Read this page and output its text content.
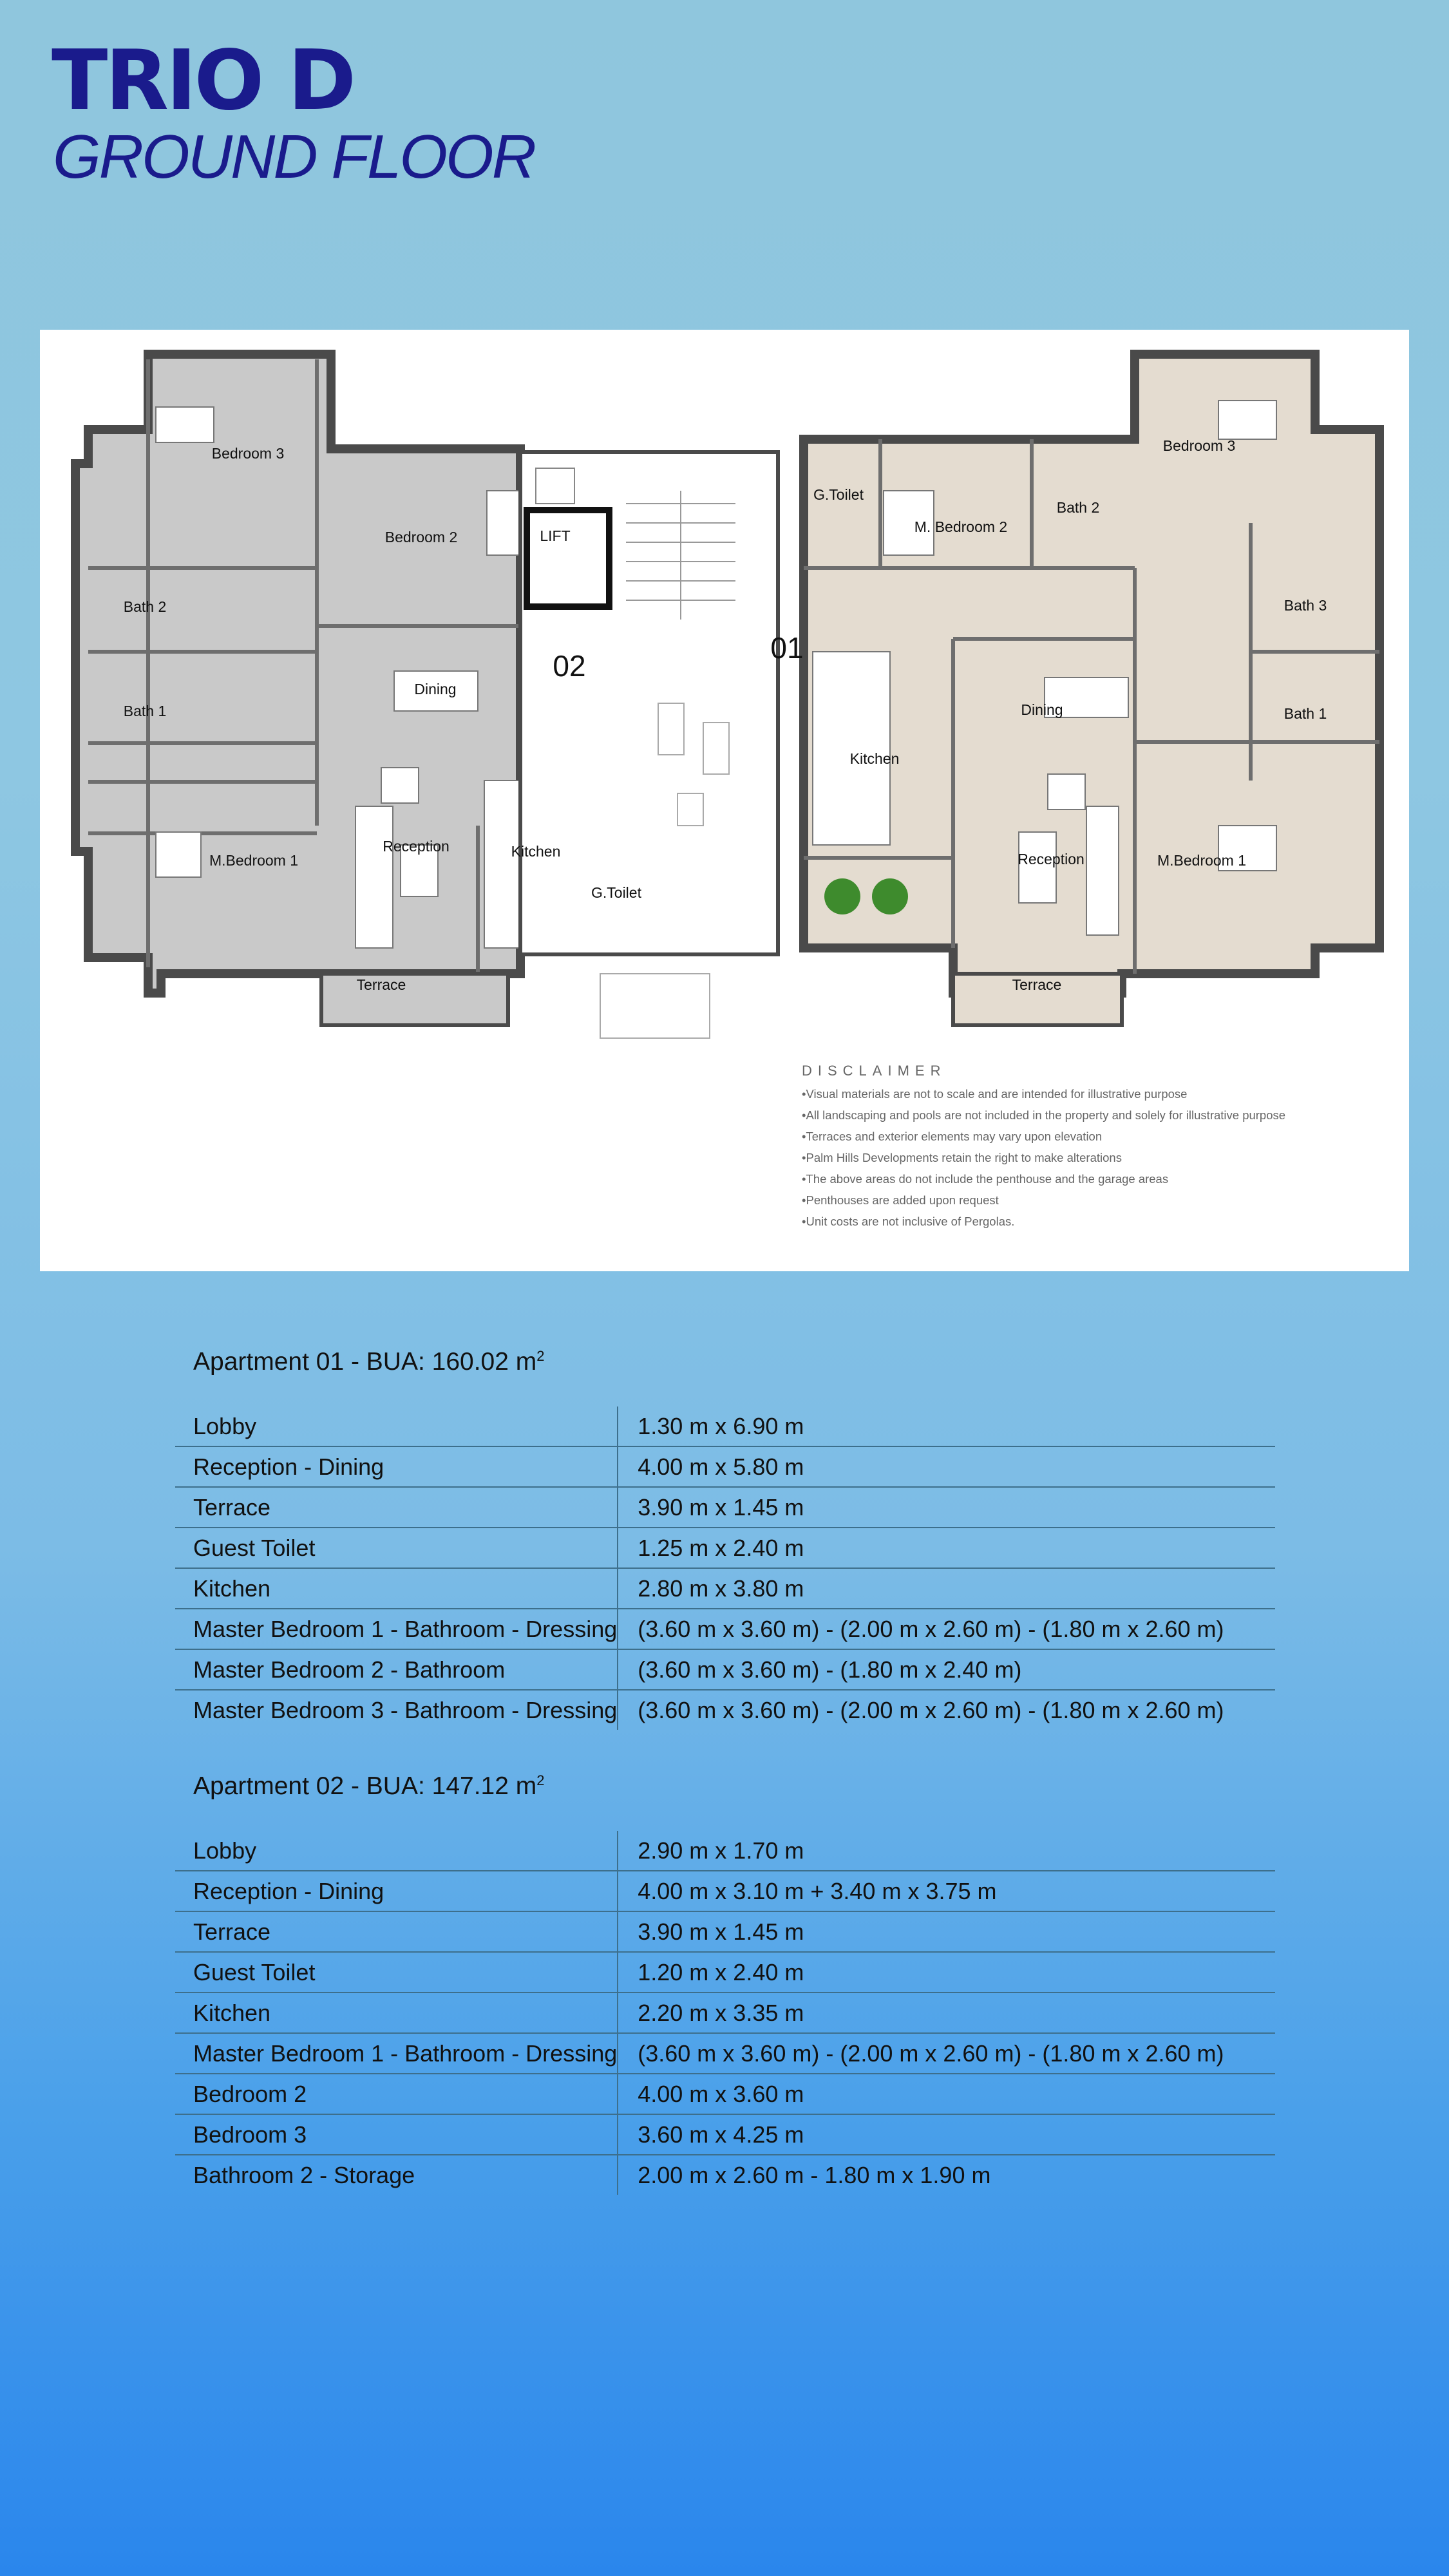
TRIO D
GROUND FLOOR
Bedroom 3
Bedroom 2
Bath 2
Bath 1
Dining
Reception	Kitchen
G.Toilet
M.Bedroom 1
Terrace
LIFT
02
01
G.Toilet
M. Bedroom 2
Bath 2
Bedroom 3
Bath 3
Bath 1
Dining
Kitchen
Reception	M.Bedroom 1
Terrace
DISCLAIMER
• Visual materials are not to scale and are intended for illustrative purpose
• All landscaping and pools are not included in the property and solely for illustrative purpose
• Terraces and exterior elements may vary upon elevation
• Palm Hills Developments retain the right to make alterations
• The above areas do not include the penthouse and the garage areas
• Penthouses are added upon request
• Unit costs are not inclusive of Pergolas.
Apartment 01 - BUA: 160.02 $m^2$
Lobby	1.30 m x 6.90 m
Reception - Dining	4.00 m x 5.80 m
Terrace	3.90 m x 1.45 m
Guest Toilet	1.25 m x 2.40 m
Kitchen	2.80 m x 3.80 m
Master Bedroom 1 - Bathroom - Dressing	(3.60 m x 3.60 m) - (2.00 m x 2.60 m) - (1.80 m x 2.60 m)
Master Bedroom 2 - Bathroom	(3.60 m x 3.60 m) - (1.80 m x 2.40 m)
Master Bedroom 3 - Bathroom - Dressing	(3.60 m x 3.60 m) - (2.00 m x 2.60 m) - (1.80 m x 2.60 m)
Apartment 02 - BUA: 147.12 $m^2$
Lobby	2.90 m x 1.70 m
Reception - Dining	4.00 m x 3.10 m + 3.40 m x 3.75 m
Terrace	3.90 m x 1.45 m
Guest Toilet	1.20 m x 2.40 m
Kitchen	2.20 m x 3.35 m
Master Bedroom 1 - Bathroom - Dressing	(3.60 m x 3.60 m) - (2.00 m x 2.60 m) - (1.80 m x 2.60 m)
Bedroom 2	4.00 m x 3.60 m
Bedroom 3	3.60 m x 4.25 m
Bathroom 2 - Storage	2.00 m x 2.60 m - 1.80 m x 1.90 m
